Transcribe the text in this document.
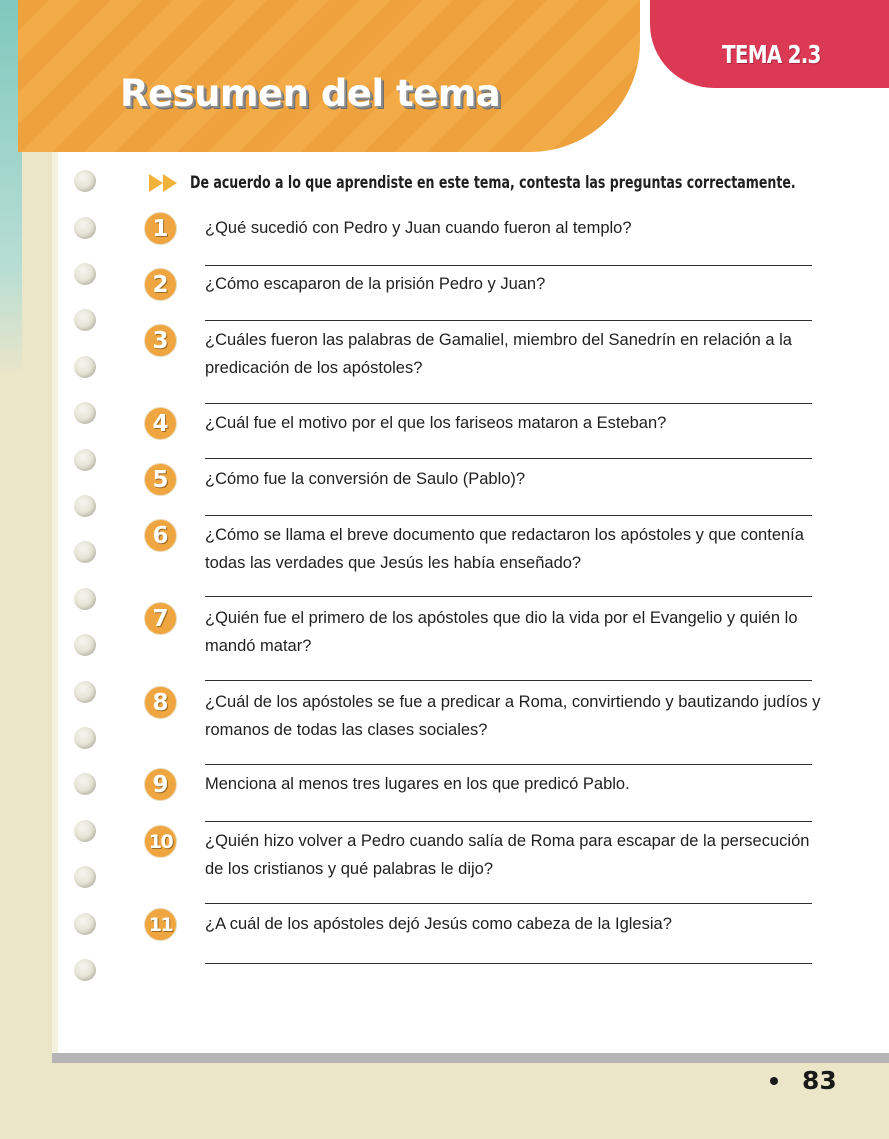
Resumen del tema
TEMA 2.3
De acuerdo a lo que aprendiste en este tema, contesta las preguntas correctamente.
1	¿Qué sucedió con Pedro y Juan cuando fueron al templo?
2	¿Cómo escaparon de la prisión Pedro y Juan?
3	¿Cuáles fueron las palabras de Gamaliel, miembro del Sanedrín en relación a la predicación de los apóstoles?
4	¿Cuál fue el motivo por el que los fariseos mataron a Esteban?
5	¿Cómo fue la conversión de Saulo (Pablo)?
6	¿Cómo se llama el breve documento que redactaron los apóstoles y que contenía todas las verdades que Jesús les había enseñado?
7	¿Quién fue el primero de los apóstoles que dio la vida por el Evangelio y quién lo mandó matar?
8	¿Cuál de los apóstoles se fue a predicar a Roma, convirtiendo y bautizando judíos y romanos de todas las clases sociales?
9	Menciona al menos tres lugares en los que predicó Pablo.
10 ¿Quién hizo volver a Pedro cuando salía de Roma para escapar de la persecución de los cristianos y qué palabras le dijo?
11 ¿A cuál de los apóstoles dejó Jesús como cabeza de la Iglesia?
83
